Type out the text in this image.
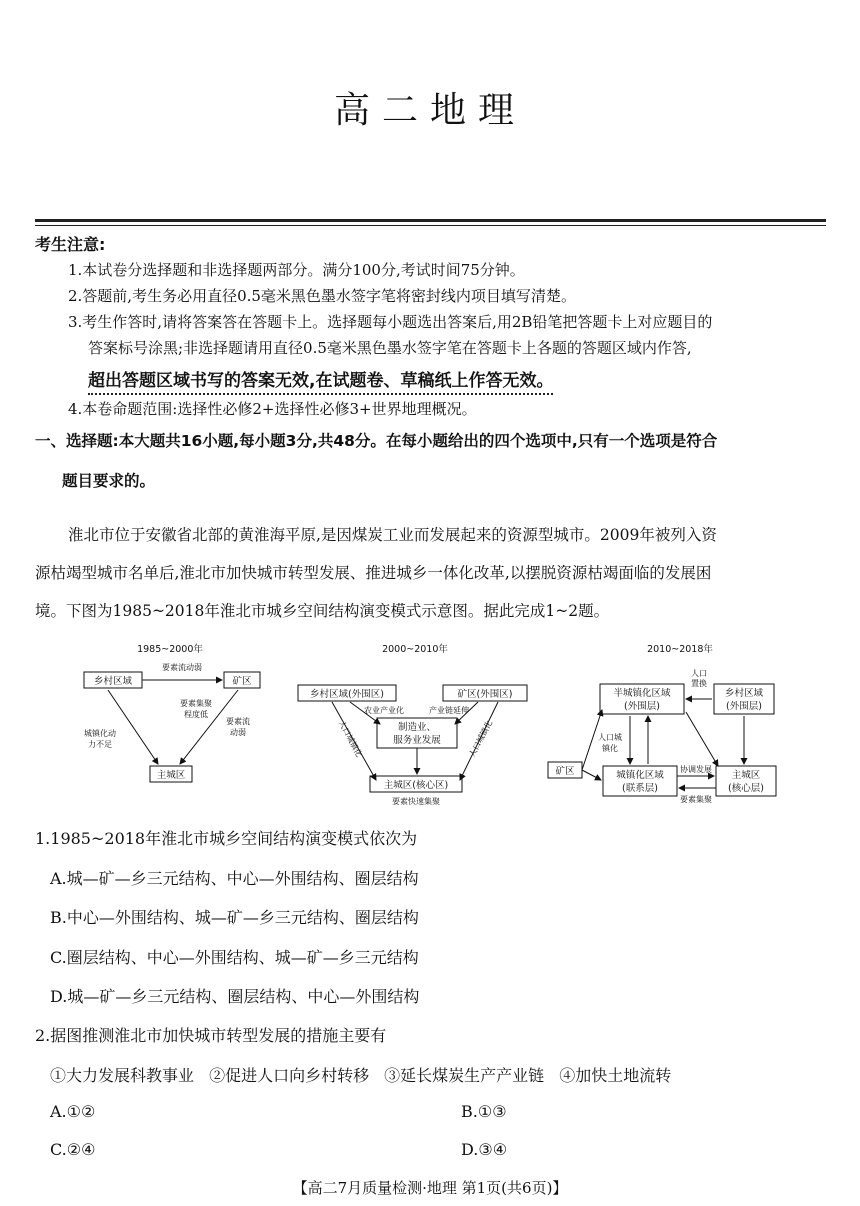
高二地理
考生注意:
1.本试卷分选择题和非选择题两部分。满分100分,考试时间75分钟。
2.答题前,考生务必用直径0.5毫米黑色墨水签字笔将密封线内项目填写清楚。
3.考生作答时,请将答案答在答题卡上。选择题每小题选出答案后,用2B铅笔把答题卡上对应题目的
答案标号涂黑;非选择题请用直径0.5毫米黑色墨水签字笔在答题卡上各题的答题区域内作答,
超出答题区域书写的答案无效,在试题卷、草稿纸上作答无效。
4.本卷命题范围:选择性必修2+选择性必修3+世界地理概况。
一、选择题:本大题共16小题,每小题3分,共48分。在每小题给出的四个选项中,只有一个选项是符合
题目要求的。
淮北市位于安徽省北部的黄淮海平原,是因煤炭工业而发展起来的资源型城市。2009年被列入资
源枯竭型城市名单后,淮北市加快城市转型发展、推进城乡一体化改革,以摆脱资源枯竭面临的发展困
境。下图为1985~2018年淮北市城乡空间结构演变模式示意图。据此完成1~2题。
1985~2000年
乡村区域	矿区
主城区
要素流动弱
城镇化动
力不足
要素集聚
程度低
要素流
动弱
2000~2010年
乡村区域(外围区)	矿区(外围区)
制造业、
服务业发展
主城区(核心区)
农业产业化	产业链延伸
要素快速集聚
人口城镇化	人口城镇化
2010~2018年
半城镇化区域
(外围层)
乡村区域
(外围层)
矿区	城镇化区域
(联系层)
主城区
(核心层)
人口
置换
人口城
镇化
协调发展
要素集聚
1.1985~2018年淮北市城乡空间结构演变模式依次为
A.城—矿—乡三元结构、中心—外围结构、圈层结构
B.中心—外围结构、城—矿—乡三元结构、圈层结构
C.圈层结构、中心—外围结构、城—矿—乡三元结构
D.城—矿—乡三元结构、圈层结构、中心—外围结构
2.据图推测淮北市加快城市转型发展的措施主要有
①大力发展科教事业 ②促进人口向乡村转移 ③延长煤炭生产产业链 ④加快土地流转
A.①②	B.①③
C.②④	D.③④
【高二7月质量检测·地理 第1页(共6页)】
